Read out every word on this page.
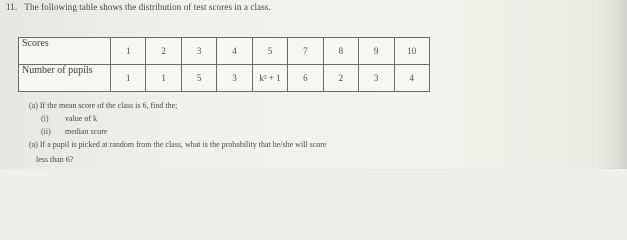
11. The following table shows the distribution of test scores in a class.
Scores	1	2	3	4	5	7	8	9	10
Number of pupils	1	1	5	3	k² + 1	6	2	3	4
(a) If the mean score of the class is 6, find the;
(i) value of k
(ii) median score
(a) If a pupil is picked at random from the class, what is the probability that he/she will score
less than 6?
